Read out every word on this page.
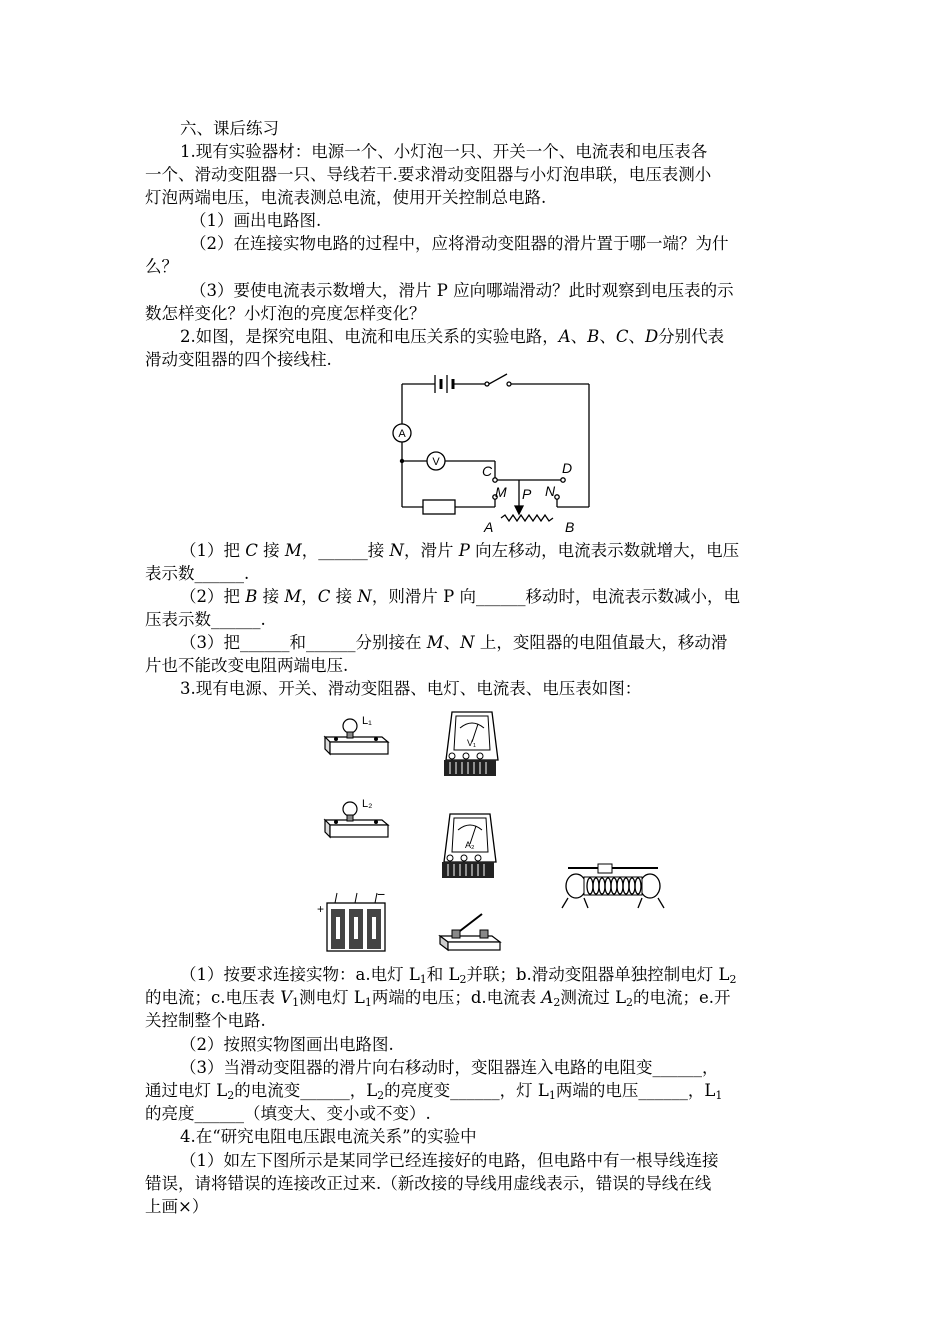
六、课后练习
1.现有实验器材：电源一个、小灯泡一只、开关一个、电流表和电压表各
一个、滑动变阻器一只、导线若干.要求滑动变阻器与小灯泡串联，电压表测小
灯泡两端电压，电流表测总电流，使用开关控制总电路.
（1）画出电路图.
（2）在连接实物电路的过程中，应将滑动变阻器的滑片置于哪一端？为什
么？
（3）要使电流表示数增大，滑片 P 应向哪端滑动？此时观察到电压表的示
数怎样变化？小灯泡的亮度怎样变化？
2.如图，是探究电阻、电流和电压关系的实验电路，A、B、C、D分别代表
滑动变阻器的四个接线柱.
A
V
C	D
M P N
A	B
（1）把 C 接 M，______接 N，滑片 P 向左移动，电流表示数就增大，电压
表示数______.
（2）把 B 接 M，C 接 N，则滑片 P 向______移动时，电流表示数减小，电
压表示数______.
（3）把______和______分别接在 M、N 上，变阻器的电阻值最大，移动滑
片也不能改变电阻两端电压.
3.现有电源、开关、滑动变阻器、电灯、电流表、电压表如图：
L₁
V₁
L₂
A₂
+
−
（1）按要求连接实物：a.电灯 $L_1$和 $L_2$并联；b.滑动变阻器单独控制电灯 $L_2$
的电流；c.电压表 $V_1$测电灯 $L_1$两端的电压；d.电流表 $A_2$测流过 $L_2$的电流；e.开
关控制整个电路.
（2）按照实物图画出电路图.
（3）当滑动变阻器的滑片向右移动时，变阻器连入电路的电阻变______，
通过电灯 $L_2$的电流变______，$L_2$的亮度变______，灯 $L_1$两端的电压______，$L_1$
的亮度______（填变大、变小或不变）.
4.在“研究电阻电压跟电流关系”的实验中
（1）如左下图所示是某同学已经连接好的电路，但电路中有一根导线连接
错误，请将错误的连接改正过来.（新改接的导线用虚线表示，错误的导线在线
上画×）
